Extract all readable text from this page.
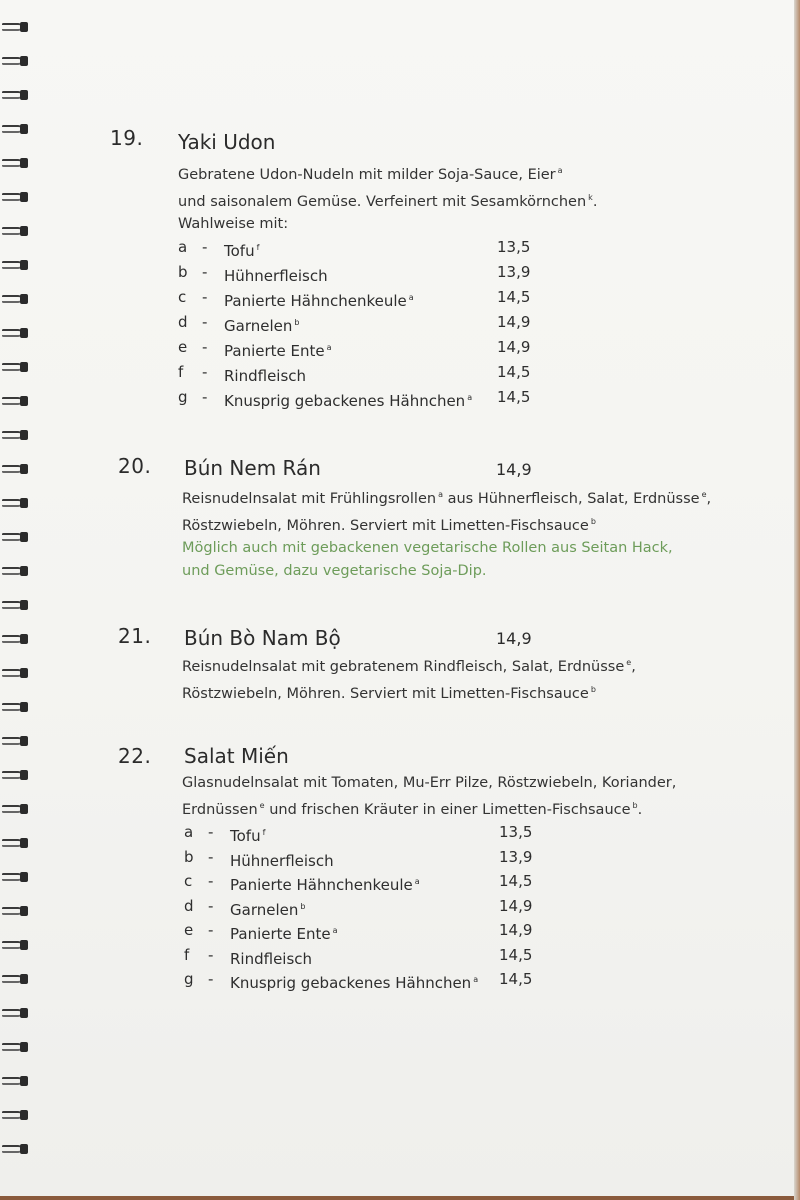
19. Yaki Udon
Gebratene Udon-Nudeln mit milder Soja-Sauce, Eier $^a$
und saisonalem Gemüse. Verfeinert mit Sesamkörnchen $^k$.
Wahlweise mit:
a - Tofu $^f$	13,5
b - Hühnerfleisch	13,9
c	- Panierte Hähnchenkeule $^a$	14,5
d - Garnelen $^b$	14,9
e - Panierte Ente $^a$	14,9
f	- Rindfleisch	14,5
g - Knusprig gebackenes Hähnchen $^a$ 14,5
20. Bún Nem Rán	14,9
Reisnudelnsalat mit Frühlingsrollen $^a$ aus Hühnerfleisch, Salat, Erdnüsse $^e$,
Röstzwiebeln, Möhren. Serviert mit Limetten-Fischsauce $^b$
Möglich auch mit gebackenen vegetarische Rollen aus Seitan Hack,
und Gemüse, dazu vegetarische Soja-Dip.
21. Bún Bò Nam Bộ	14,9
Reisnudelnsalat mit gebratenem Rindfleisch, Salat, Erdnüsse $^e$,
Röstzwiebeln, Möhren. Serviert mit Limetten-Fischsauce $^b$
22. Salat Miến
Glasnudelnsalat mit Tomaten, Mu-Err Pilze, Röstzwiebeln, Koriander,
Erdnüssen $^e$ und frischen Kräuter in einer Limetten-Fischsauce $^b$.
a - Tofu $^f$	13,5
b - Hühnerfleisch	13,9
c	- Panierte Hähnchenkeule $^a$	14,5
d - Garnelen $^b$	14,9
e - Panierte Ente $^a$	14,9
f	- Rindfleisch	14,5
g - Knusprig gebackenes Hähnchen $^a$ 14,5
